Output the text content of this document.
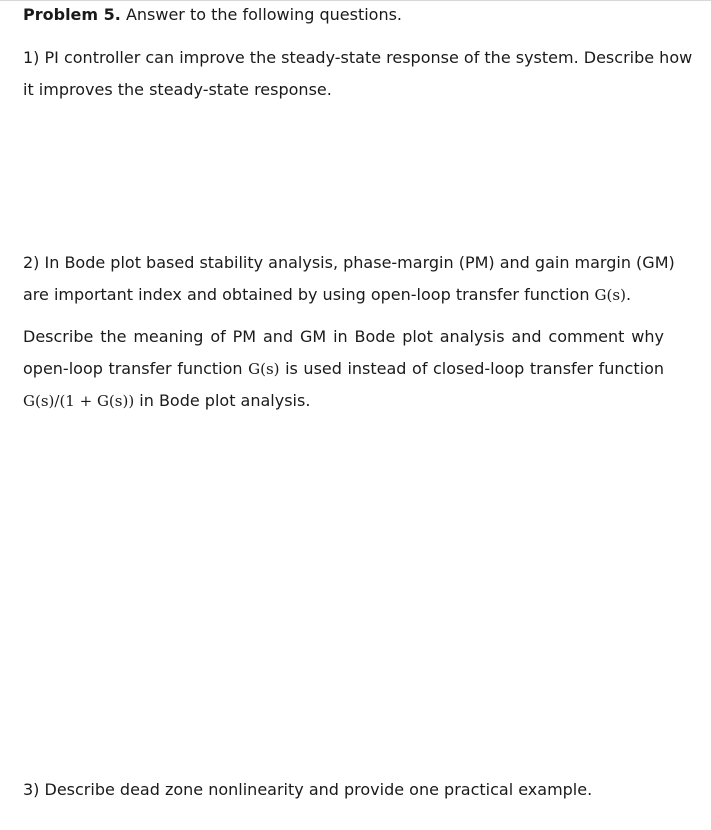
Problem 5. Answer to the following questions.
1) PI controller can improve the steady-state response of the system. Describe how
it improves the steady-state response.
2) In Bode plot based stability analysis, phase-margin (PM) and gain margin (GM)
are important index and obtained by using open-loop transfer function G(s).
Describe the meaning of PM and GM in Bode plot analysis and comment why
open-loop transfer function G(s) is used instead of closed-loop transfer function
G(s)/(1 + G(s)) in Bode plot analysis.
3) Describe dead zone nonlinearity and provide one practical example.
